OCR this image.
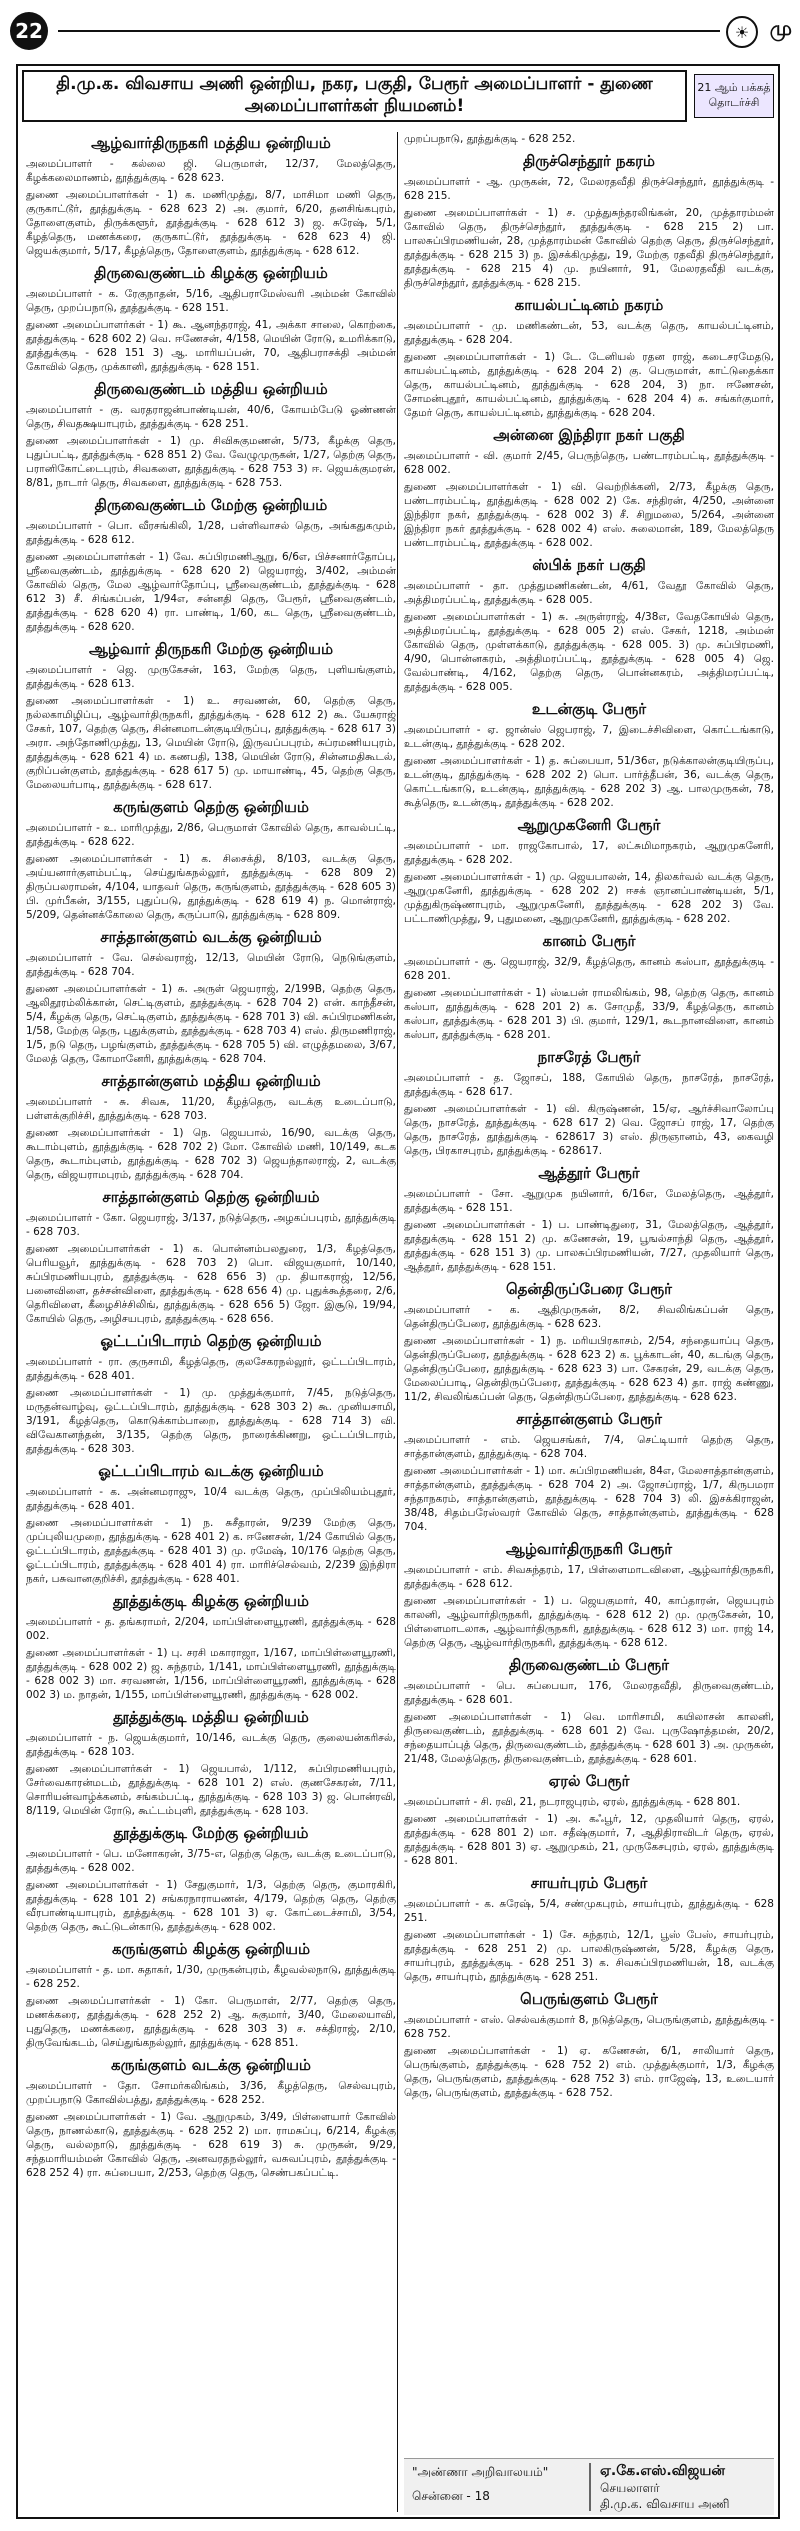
22	☀	மு
தி.மு.க. விவசாய அணி ஒன்றிய, நகர, பகுதி, பேரூர் அமைப்பாளர் - துணை அமைப்பாளர்கள் நியமனம்!
21 ஆம் பக்கத்
தொடர்ச்சி
ஆழ்வார்திருநகரி மத்திய ஒன்றியம்

அமைப்பாளர் - கல்லை ஜி. பெருமாள், 12/37, மேலத்தெரு, கீழக்கலைமாணம், தூத்துக்குடி - 628 623.

துணை அமைப்பாளர்கள் - 1) க. மணிமுத்து, 8/7, மாசிமா மணி தெரு, குருகாட்டூர், தூத்துக்குடி - 628 623 2) அ. குமார், 6/20, தனசிங்கபுரம், தோளைகுளம், திருக்களூர், தூத்துக்குடி - 628 612 3) ஜ. சுரேஷ், 5/1, கீழத்தெரு, மணக்கரை, குருகாட்டூர், தூத்துக்குடி - 628 623 4) ஜி. ஜெயக்குமார், 5/17, கீழத்தெரு, தோளைகுளம், தூத்துக்குடி - 628 612.

திருவைகுண்டம் கிழக்கு ஒன்றியம்

அமைப்பாளர் - க. ரேகுநாதன், 5/16, ஆதிபராமேஸ்வரி அம்மன் கோவில் தெரு, முறப்பநாடு, தூத்துக்குடி - 628 151.

துணை அமைப்பாளர்கள் - 1) கூ. ஆனந்தராஜ், 41, அக்கா சாலை, கொற்கை, தூத்துக்குடி - 628 602 2) வெ. ஈணேசன், 4/158, மெயின் ரோடு, உமரிக்காடு, தூத்துக்குடி - 628 151 3) ஆ. மாரியப்பன், 70, ஆதிபராசக்தி அம்மன் கோவில் தெரு, முக்கானி, தூத்துக்குடி - 628 151.

திருவைகுண்டம் மத்திய ஒன்றியம்

அமைப்பாளர் - கு. வரதராஜன்பாண்டியன், 40/6, கோயம்பேடு ஓண்ணன் தெரு, சிவதக்ஷயாபுரம், தூத்துக்குடி - 628 251.

துணை அமைப்பாளர்கள் - 1) மு. சிவிசுகுமணன், 5/73, கீழக்கு தெரு, புதுப்பட்டி, தூத்துக்குடி - 628 851 2) வே. வேழுமுருகன், 1/27, தெற்கு தெரு, பரானிகோட்டைபுரம், சிவகளை, தூத்துக்குடி - 628 753 3) ஈ. ஜெயக்குமரன், 8/81, நாடார் தெரு, சிவகளை, தூத்துக்குடி - 628 753.

திருவைகுண்டம் மேற்கு ஒன்றியம்

அமைப்பாளர் - பொ. வீரசங்கிலி, 1/28, பள்ளிவாசல் தெரு, அங்கதுகமும், தூத்துக்குடி - 628 612.

துணை அமைப்பாளர்கள் - 1) வே. சுப்பிரமணிஆறு, 6/6எ, பிச்சனார்தோப்பு, ஸ்ரீவைகுண்டம், தூத்துக்குடி - 628 620 2) ஜெயராஜ், 3/402, அம்மன் கோவில் தெரு, மேல ஆழ்வார்தோப்பு, ஸ்ரீவைகுண்டம், தூத்துக்குடி - 628 612 3) சீ. சிங்கப்பன், 1/94எ, சன்னதி தெரு, பேரூர், ஸ்ரீவைகுண்டம், தூத்துக்குடி - 628 620 4) ரா. பாண்டி, 1/60, கட தெரு, ஸ்ரீவைகுண்டம், தூத்துக்குடி - 628 620.

ஆழ்வார் திருநகரி மேற்கு ஒன்றியம்

அமைப்பாளர் - ஜெ. முருகேசன், 163, மேற்கு தெரு, புளியங்குளம், தூத்துக்குடி - 628 613.

துணை அமைப்பாளர்கள் - 1) உ. சரவணன், 60, தெற்கு தெரு, நல்லகாமிழிப்பு, ஆழ்வார்திருநகரி, தூத்துக்குடி - 628 612 2) கூ. யேசுராஜ் சேகர், 107, தெற்கு தெரு, சின்னமாடன்குடியிருப்பு, தூத்துக்குடி - 628 617 3) அரா. அந்தோணிமுத்து, 13, மெயின் ரோடு, இருவப்பபுரம், சுப்ரமணியபுரம், தூத்துக்குடி - 628 621 4) ம. கணபதி, 138, மெயின் ரோடு, சின்னமதிகூடல், குறிப்பன்குளம், தூத்துக்குடி - 628 617 5) மு. மாயாண்டி, 45, தெற்கு தெரு, மேலையர்பாடி, தூத்துக்குடி - 628 617.

கருங்குளம் தெற்கு ஒன்றியம்

அமைப்பாளர் - உ. மாரிமுத்து, 2/86, பெருமாள் கோவில் தெரு, காவல்பட்டி, தூத்துக்குடி - 628 622.

துணை அமைப்பாளர்கள் - 1) க. சிசைக்தி, 8/103, வடக்கு தெரு, அய்யனார்குளம்பட்டி, செய்துங்கநல்லூர், தூத்துக்குடி - 628 809 2) திருப்பலராமன், 4/104, யாதவர் தெரு, கருங்குளம், தூத்துக்குடி - 628 605 3) பி. முர்பீகன், 3/155, புதுப்படு, தூத்துக்குடி - 628 619 4) ந. மொன்ராஜ், 5/209, தென்னக்கோலை தெரு, கருப்பாடு, தூத்துக்குடி - 628 809.

சாத்தான்குளம் வடக்கு ஒன்றியம்

அமைப்பாளர் - வே. செல்வராஜ், 12/13, மெயின் ரோடு, நெடுங்குளம், தூத்துக்குடி - 628 704.

துணை அமைப்பாளர்கள் - 1) சு. அருள் ஜெயராஜ், 2/199B, தெற்கு தெரு, ஆலிதூரம்லிக்கான், செட்டிகுளம், தூத்துக்குடி - 628 704 2) என். காந்தீசன், 5/4, கீழக்கு தெரு, செட்டிகுளம், தூத்துக்குடி - 628 701 3) வி. சுப்பிரமணிகன், 1/58, மேற்கு தெரு, புதுக்குளம், தூத்துக்குடி - 628 703 4) எஸ். திருமணிராஜ், 1/5, நடு தெரு, பழங்குளம், தூத்துக்குடி - 628 705 5) வி. எழுத்தமலை, 3/67, மேலத் தெரு, கோமானேரி, தூத்துக்குடி - 628 704.

சாத்தான்குளம் மத்திய ஒன்றியம்

அமைப்பாளர் - சு. சிவசு, 11/20, கீழத்தெரு, வடக்கு உடைப்பாடு, பள்ளக்குறிச்சி, தூத்துக்குடி - 628 703.

துணை அமைப்பாளர்கள் - 1) நெ. ஜெயபால், 16/90, வடக்கு தெரு, கூடாம்புளம், தூத்துக்குடி - 628 702 2) மோ. கோவில் மணி, 10/149, கடக தெரு, கூடாம்புளம், தூத்துக்குடி - 628 702 3) ஜெயந்தாலராஜ், 2, வடக்கு தெரு, விஜயராமபுரம், தூத்துக்குடி - 628 704.

சாத்தான்குளம் தெற்கு ஒன்றியம்

அமைப்பாளர் - கோ. ஜெயராஜ், 3/137, நடுத்தெரு, அழகப்பபுரம், தூத்துக்குடி - 628 703.

துணை அமைப்பாளர்கள் - 1) க. பொன்னம்பலதுரை, 1/3, கீழத்தெரு, பெரியவூர், தூத்துக்குடி - 628 703 2) பொ. விஜயகுமார், 10/140, சுப்பிரமணியபுரம், தூத்துக்குடி - 628 656 3) மு. தியாகராஜ், 12/56, பனைவிளை, தச்சன்விளை, தூத்துக்குடி - 628 656 4) மு. புதுக்கூத்தரை, 2/6, தெரிவிளை, கீழைசிச்சிலிங், தூத்துக்குடி - 628 656 5) ஜோ. இசூடு, 19/94, கோயில் தெரு, அழிசயபுரம், தூத்துக்குடி - 628 656.

ஓட்டப்பிடாரம் தெற்கு ஒன்றியம்

அமைப்பாளர் - ரா. குருசாமி, கீழத்தெரு, குலசேகரநல்லூர், ஒட்டப்பிடாரம், தூத்துக்குடி - 628 401.

துணை அமைப்பாளர்கள் - 1) மு. முத்துக்குமார், 7/45, நடுத்தெரு, மருதன்வாழ்வு, ஒட்டப்பிடாரம், தூத்துக்குடி - 628 303 2) கூ. முனியசாமி, 3/191, கீழத்தெரு, கொடுக்காம்பாறை, தூத்துக்குடி - 628 714 3) வி. விவேகானந்தன், 3/135, தெற்கு தெரு, நாரைக்கிணறு, ஒட்டப்பிடாரம், தூத்துக்குடி - 628 303.

ஓட்டப்பிடாரம் வடக்கு ஒன்றியம்

அமைப்பாளர் - க. அன்னமராஜு, 10/4 வடக்கு தெரு, முப்பிலியம்புதூர், தூத்துக்குடி - 628 401.

துணை அமைப்பாளர்கள் - 1) ந. சுசீதாரன், 9/239 மேற்கு தெரு, முப்புலியமுறை, தூத்துக்குடி - 628 401 2) க. ஈணேசன், 1/24 கோயில் தெரு, ஒட்டப்பிடாரம், தூத்துக்குடி - 628 401 3) மு. ரமேஷ், 10/176 தெற்கு தெரு, ஓட்டப்பிடாரம், தூத்துக்குடி - 628 401 4) ரா. மாரிச்செல்வம், 2/239 இந்திரா நகர், பசுவானகுறிச்சி, தூத்துக்குடி - 628 401.

தூத்துக்குடி கிழக்கு ஒன்றியம்

அமைப்பாளர் - த. தங்கராமர், 2/204, மாப்பிள்ளையூரணி, தூத்துக்குடி - 628 002.

துணை அமைப்பாளர்கள் - 1) பு. சரசி மகாராஜா, 1/167, மாப்பிள்ளையூரணி, தூத்துக்குடி - 628 002 2) ஜ. சுந்தரம், 1/141, மாப்பிள்ளையூரணி, தூத்துக்குடி - 628 002 3) மா. சரவணன், 1/156, மாப்பிள்ளையூரணி, தூத்துக்குடி - 628 002 3) ம. நாதன், 1/155, மாப்பிள்ளையூரணி, தூத்துக்குடி - 628 002.

தூத்துக்குடி மத்திய ஒன்றியம்

அமைப்பாளர் - ந. ஜெயக்குமார், 10/146, வடக்கு தெரு, குலையன்கரிசல், தூத்துக்குடி - 628 103.

துணை அமைப்பாளர்கள் - 1) ஜெயபால், 1/112, சுப்பிரமணியபுரம், சேர்வைகாரன்மடம், தூத்துக்குடி - 628 101 2) எஸ். குணசேகரன், 7/11, சொரியன்வாழ்க்கனம், சங்கம்பட்டி, தூத்துக்குடி - 628 103 3) ஜ. பொன்ரவி, 8/119, மெயின் ரோடு, கூட்டம்புளி, தூத்துக்குடி - 628 103.

தூத்துக்குடி மேற்கு ஒன்றியம்

அமைப்பாளர் - பெ. மனோகரன், 3/75-எ, தெற்கு தெரு, வடக்கு உடைப்பாடு, தூத்துக்குடி - 628 002.

துணை அமைப்பாளர்கள் - 1) சேதுகுமார், 1/3, தெற்கு தெரு, குமாரகிரி, தூத்துக்குடி - 628 101 2) சங்கரநாராயணன், 4/179, தெற்கு தெரு, தெற்கு வீரபாண்டியாபுரம், தூத்துக்குடி - 628 101 3) ஏ. கோட்டைச்சாமி, 3/54, தெற்கு தெரு, கூட்டுடன்காடு, தூத்துக்குடி - 628 002.

கருங்குளம் கிழக்கு ஒன்றியம்

அமைப்பாளர் - த. மா. சுதாகர், 1/30, முருகன்புரம், கீழவல்லநாடு, தூத்துக்குடி - 628 252.

துணை அமைப்பாளர்கள் - 1) கோ. பெருமாள், 2/77, தெற்கு தெரு, மணக்கரை, தூத்துக்குடி - 628 252 2) ஆ. சுகுமார், 3/40, மேலையாவி, புதுதெரு, மணக்கரை, தூத்துக்குடி - 628 303 3) ச. சக்திராஜ், 2/10, திருவேங்கடம், செய்துங்கநல்லூர், தூத்துக்குடி - 628 851.

கருங்குளம் வடக்கு ஒன்றியம்

அமைப்பாளர் - தோ. சோமர்கலிங்கம், 3/36, கீழத்தெரு, செல்வபுரம், முறப்பநாடு கோவில்பத்து, தூத்துக்குடி - 628 252.

துணை அமைப்பாளர்கள் - 1) வே. ஆறுமுகம், 3/49, பிள்ளையார் கோவில் தெரு, நாணல்காடு, தூத்துக்குடி - 628 252 2) மா. ராமசுப்பு, 6/214, கீழக்கு தெரு, வல்லநாடு, தூத்துக்குடி - 628 619 3) சு. முருகன், 9/29, சந்தமாரியம்மன் கோவில் தெரு, அனவரதநல்லூர், வசுவப்புரம், தூத்துக்குடி - 628 252 4) ரா. சுப்பையா, 2/253, தெற்கு தெரு, செண்பகப்பட்டி.

முறப்பநாடு, தூத்துக்குடி - 628 252.

திருச்செந்தூர் நகரம்

அமைப்பாளர் - ஆ. முருகன், 72, மேலரதவீதி திருச்செந்தூர், தூத்துக்குடி - 628 215.

துணை அமைப்பாளர்கள் - 1) ச. முத்துசுந்தரலிங்கன், 20, முத்தாரம்மன் கோவில் தெரு, திருச்செந்தூர், தூத்துக்குடி - 628 215 2) பா. பாலசுப்பிரமணியன், 28, முத்தாரம்மன் கோவில் தெற்கு தெரு, திருச்செந்தூர், தூத்துக்குடி - 628 215 3) ந. இசக்கிமுத்து, 19, மேற்கு ரதவீதி திருச்செந்தூர், தூத்துக்குடி - 628 215 4) மு. நயினார், 91, மேலரதவீதி வடக்கு, திருச்செந்தூர், தூத்துக்குடி - 628 215.

காயல்பட்டினம் நகரம்

அமைப்பாளர் - மு. மணிகண்டன், 53, வடக்கு தெரு, காயல்பட்டினம், தூத்துக்குடி - 628 204.

துணை அமைப்பாளர்கள் - 1) டே. டேனியல் ரதன ராஜ், கடைசரமேதடு, காயல்பட்டினம், தூத்துக்குடி - 628 204 2) கு. பெருமாள், காட்டுதைக்கா தெரு, காயல்பட்டினம், தூத்துக்குடி - 628 204, 3) நா. ஈணேசன், சோமன்புதூர், காயல்பட்டினம், தூத்துக்குடி - 628 204 4) சு. சங்கர்குமார், தேமர் தெரு, காயல்பட்டினம், தூத்துக்குடி - 628 204.

அன்னை இந்திரா நகர் பகுதி

அமைப்பாளர் - வி. குமார் 2/45, பெருந்தெரு, பண்டாரம்பட்டி, தூத்துக்குடி - 628 002.

துணை அமைப்பாளர்கள் - 1) வி. வெற்றிக்கனி, 2/73, கீழக்கு தெரு, பண்டாரம்பட்டி, தூத்துக்குடி - 628 002 2) கே. சந்திரன், 4/250, அன்னை இந்திரா நகர், தூத்துக்குடி - 628 002 3) சீ. சிறுமலை, 5/264, அன்னை இந்திரா நகர் தூத்துக்குடி - 628 002 4) எஸ். சுலைமான், 189, மேலத்தெரு பண்டாரம்பட்டி, தூத்துக்குடி - 628 002.

ஸ்பிக் நகர் பகுதி

அமைப்பாளர் - தா. முத்துமணிகண்டன், 4/61, வேதூ கோவில் தெரு, அத்திமரப்பட்டி, தூத்துக்குடி - 628 005.

துணை அமைப்பாளர்கள் - 1) சு. அருள்ராஜ், 4/38எ, வேதகோயில் தெரு, அத்திமரப்பட்டி, தூத்துக்குடி - 628 005 2) எஸ். சேகர், 1218, அம்மன் கோவில் தெரு, முள்ளக்காடு, தூத்துக்குடி - 628 005. 3) மு. சுப்பிரமணி, 4/90, பொன்னகரம், அத்திமரப்பட்டி, தூத்துக்குடி - 628 005 4) ஜெ. வேல்பாண்டி, 4/162, தெற்கு தெரு, பொன்னகரம், அத்திமரப்பட்டி, தூத்துக்குடி - 628 005.

உடன்குடி பேரூர்

அமைப்பாளர் - ஏ. ஜான்ஸ் ஜெபராஜ், 7, இடைச்சிவிளை, கொட்டங்காடு, உடன்குடி, தூத்துக்குடி - 628 202.

துணை அமைப்பாளர்கள் - 1) த. சுப்பையா, 51/36எ, நடுக்காலன்குடியிருப்பு, உடன்குடி, தூத்துக்குடி - 628 202 2) பொ. பார்த்தீபன், 36, வடக்கு தெரு, கொட்டங்காடு, உடன்குடி, தூத்துக்குடி - 628 202 3) ஆ. பாலமுருகன், 78, கூத்தெரு, உடன்குடி, தூத்துக்குடி - 628 202.

ஆறுமுகனேரி பேரூர்

அமைப்பாளர் - மா. ராஜகோபால், 17, லட்சுமிமாநகரம், ஆறுமுகனேரி, தூத்துக்குடி - 628 202.

துணை அமைப்பாளர்கள் - 1) மு. ஜெயபாலன், 14, திலகர்வல் வடக்கு தெரு, ஆறுமுகனேரி, தூத்துக்குடி - 628 202 2) ஈசக் ஞானப்பாண்டியன், 5/1, முத்துகிருஷ்ணாபுரம், ஆறுமுகனேரி, தூத்துக்குடி - 628 202 3) வே. பட்டாணிமுத்து, 9, புதுமனை, ஆறுமுகனேரி, தூத்துக்குடி - 628 202.

கானம் பேரூர்

அமைப்பாளர் - சூ. ஜெயராஜ், 32/9, கீழத்தெரு, கானம் கஸ்பா, தூத்துக்குடி - 628 201.

துணை அமைப்பாளர்கள் - 1) ஸ்டீபன் ராமலிங்கம், 98, தெற்கு தெரு, கானம் கஸ்பா, தூத்துக்குடி - 628 201 2) க. சோமுதீ, 33/9, கீழத்தெரு, கானம் கஸ்பா, தூத்துக்குடி - 628 201 3) பி. குமார், 129/1, கூடநானவிளை, கானம் கஸ்பா, தூத்துக்குடி - 628 201.

நாசரேத் பேரூர்

அமைப்பாளர் - த. ஜோசப், 188, கோயில் தெரு, நாசரேத், நாசரேத், தூத்துக்குடி - 628 617.

துணை அமைப்பாளர்கள் - 1) வி. கிருஷ்ணன், 15/ஏ, ஆர்ச்சிவாலோப்பு தெரு, நாசரேத், தூத்துக்குடி - 628 617 2) வெ. ஜோசப் ராஜ், 17, தெற்கு தெரு, நாசரேத், தூத்துக்குடி - 628617 3) எஸ். திருஞானம், 43, கைவழி தெரு, பிரகாசபுரம், தூத்துக்குடி - 628617.

ஆத்தூர் பேரூர்

அமைப்பாளர் - சோ. ஆறுமுக நயினார், 6/16எ, மேலத்தெரு, ஆத்தூர், தூத்துக்குடி - 628 151.

துணை அமைப்பாளர்கள் - 1) ப. பாண்டிதுரை, 31, மேலத்தெரு, ஆத்தூர், தூத்துக்குடி - 628 151 2) மு. கணேசன், 19, பூஙல்சாந்தி தெரு, ஆத்தூர், தூத்துக்குடி - 628 151 3) மு. பாலசுப்பிரமணியன், 7/27, முதலியார் தெரு, ஆத்தூர், தூத்துக்குடி - 628 151.

தென்திருப்பேரை பேரூர்

அமைப்பாளர் - க. ஆதிமுருகன், 8/2, சிவலிங்கப்பன் தெரு, தென்திருப்பேரை, தூத்துக்குடி - 628 623.

துணை அமைப்பாளர்கள் - 1) ந. மரியபிரகாசம், 2/54, சந்தையாப்பு தெரு, தென்திருப்பேரை, தூத்துக்குடி - 628 623 2) க. பூக்காடன், 40, கடங்கு தெரு, தென்திருப்பேரை, தூத்துக்குடி - 628 623 3) பா. சேகரன், 29, வடக்கு தெரு, மேலைப்பாடி, தென்திருப்பேரை, தூத்துக்குடி - 628 623 4) தா. ராஜ் கண்ணு, 11/2, சிவலிங்கப்பன் தெரு, தென்திருப்பேரை, தூத்துக்குடி - 628 623.

சாத்தான்குளம் பேரூர்

அமைப்பாளர் - எம். ஜெயசங்கர், 7/4, செட்டியார் தெற்கு தெரு, சாத்தான்குளம், தூத்துக்குடி - 628 704.

துணை அமைப்பாளர்கள் - 1) மா. சுப்பிரமணியன், 84எ, மேலசாத்தான்குளம், சாத்தான்குளம், தூத்துக்குடி - 628 704 2) அ. ஜோசப்ராஜ், 1/7, கிருபமரா சந்தாநகரம், சாத்தான்குளம், தூத்துக்குடி - 628 704 3) லி. இசக்கிராஜன், 38/48, சிதம்பரேஸ்வரர் கோவில் தெரு, சாத்தான்குளம், தூத்துக்குடி - 628 704.

ஆழ்வார்திருநகரி பேரூர்

அமைப்பாளர் - எம். சிவசுந்தரம், 17, பிள்ளைமாடவிளை, ஆழ்வார்திருநகரி, தூத்துக்குடி - 628 612.

துணை அமைப்பாளர்கள் - 1) ப. ஜெயகுமார், 40, காப்தாரன், ஜெயபுரம் காலனி, ஆழ்வார்திருநகரி, தூத்துக்குடி - 628 612 2) மு. முருகேசன், 10, பிள்ளைமாடலாசு, ஆழ்வார்திருநகரி, தூத்துக்குடி - 628 612 3) மா. ராஜ் 14, தெற்கு தெரு, ஆழ்வார்திருநகரி, தூத்துக்குடி - 628 612.

திருவைகுண்டம் பேரூர்

அமைப்பாளர் - பெ. சுப்பையா, 176, மேலரதவீதி, திருவைகுண்டம், தூத்துக்குடி - 628 601.

துணை அமைப்பாளர்கள் - 1) வெ. மாரிசாமி, கயிலாசன் காலனி, திருவைகுண்டம், தூத்துக்குடி - 628 601 2) வே. புருஷோத்தமன், 20/2, சந்தையாப்புத் தெரு, திருவைகுண்டம், தூத்துக்குடி - 628 601 3) அ. முருகன், 21/48, மேலத்தெரு, திருவைகுண்டம், தூத்துக்குடி - 628 601.

ஏரல் பேரூர்

அமைப்பாளர் - சி. ரவி, 21, நடராஜபுரம், ஏரல், தூத்துக்குடி - 628 801.

துணை அமைப்பாளர்கள் - 1) அ. கஃபூர், 12, முதலியார் தெரு, ஏரல், தூத்துக்குடி - 628 801 2) மா. சதீஷ்குமார், 7, ஆதிதிராவிடர் தெரு, ஏரல், தூத்துக்குடி - 628 801 3) ஏ. ஆறுமுகம், 21, முருகேசபுரம், ஏரல், தூத்துக்குடி - 628 801.

சாயர்புரம் பேரூர்

அமைப்பாளர் - க. சுரேஷ், 5/4, சண்முகபுரம், சாயர்புரம், தூத்துக்குடி - 628 251.

துணை அமைப்பாளர்கள் - 1) சே. சுந்தரம், 12/1, பூஸ் பேஸ், சாயர்புரம், தூத்துக்குடி - 628 251 2) மு. பாலகிருஷ்ணன், 5/28, கீழக்கு தெரு, சாயர்புரம், தூத்துக்குடி - 628 251 3) க. சிவசுப்பிரமணியன், 18, வடக்கு தெரு, சாயர்புரம், தூத்துக்குடி - 628 251.

பெருங்குளம் பேரூர்

அமைப்பாளர் - எஸ். செல்வக்குமார் 8, நடுத்தெரு, பெருங்குளம், தூத்துக்குடி - 628 752.

துணை அமைப்பாளர்கள் - 1) ஏ. கணேசன், 6/1, சாலியார் தெரு, பெருங்குளம், தூத்துக்குடி - 628 752 2) எம். முத்துக்குமார், 1/3, கீழக்கு தெரு, பெருங்குளம், தூத்துக்குடி - 628 752 3) எம். ராஜேஷ், 13, உடையார் தெரு, பெருங்குளம், தூத்துக்குடி - 628 752.

"அண்ணா அறிவாலயம்"
சென்னை - 18
ஏ.கே.எஸ்.விஜயன்
செயலாளர்
தி.மு.க. விவசாய அணி
